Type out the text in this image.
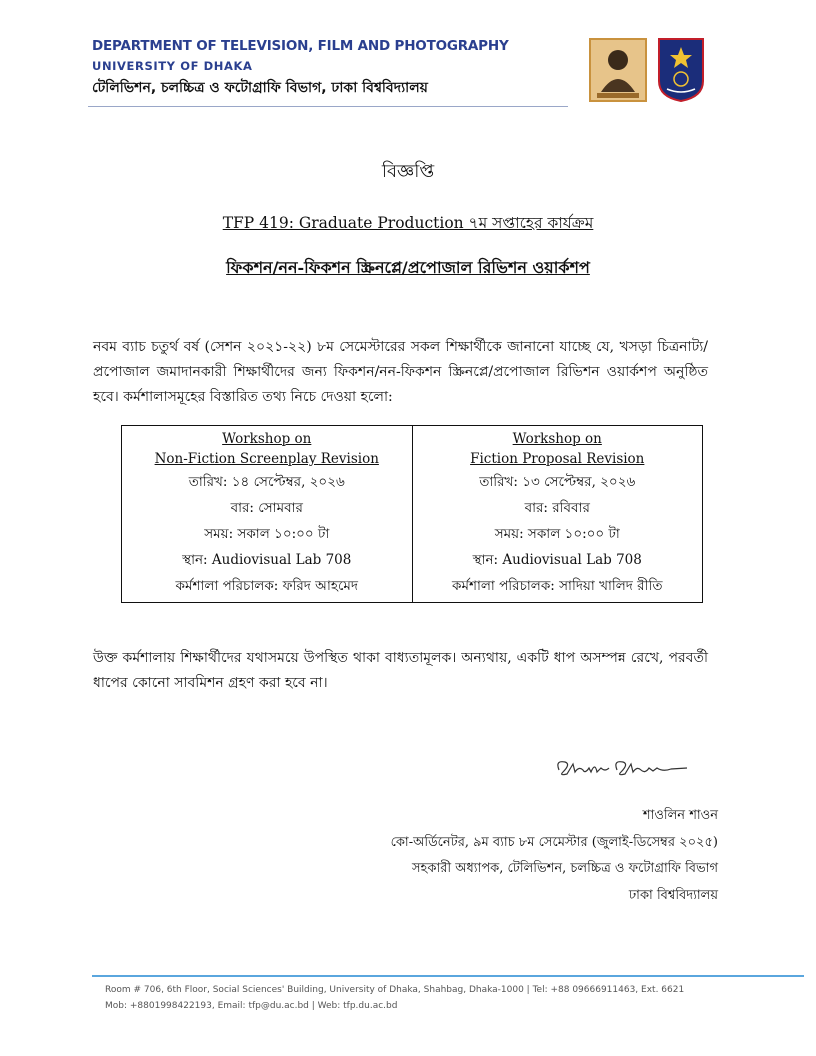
DEPARTMENT OF TELEVISION, FILM AND PHOTOGRAPHY
UNIVERSITY OF DHAKA
টেলিভিশন, চলচ্চিত্র ও ফটোগ্রাফি বিভাগ, ঢাকা বিশ্ববিদ্যালয়
বিজ্ঞপ্তি
TFP 419: Graduate Production ৭ম সপ্তাহের কার্যক্রম
ফিকশন/নন-ফিকশন স্ক্রিনপ্লে/প্রপোজাল রিভিশন ওয়ার্কশপ
নবম ব্যাচ চতুর্থ বর্ষ (সেশন ২০২১-২২) ৮ম সেমেস্টারের সকল শিক্ষার্থীকে জানানো যাচ্ছে যে, খসড়া চিত্রনাট্য/প্রপোজাল জমাদানকারী শিক্ষার্থীদের জন্য ফিকশন/নন-ফিকশন স্ক্রিনপ্লে/প্রপোজাল রিভিশন ওয়ার্কশপ অনুষ্ঠিত হবে। কর্মশালাসমূহের বিস্তারিত তথ্য নিচে দেওয়া হলো:
Workshop on
Non-Fiction Screenplay Revision
তারিখ: ১৪ সেপ্টেম্বর, ২০২৬
বার: সোমবার
সময়: সকাল ১০:০০ টা
স্থান: Audiovisual Lab 708
কর্মশালা পরিচালক: ফরিদ আহমেদ
Workshop on
Fiction Proposal Revision
তারিখ: ১৩ সেপ্টেম্বর, ২০২৬
বার: রবিবার
সময়: সকাল ১০:০০ টা
স্থান: Audiovisual Lab 708
কর্মশালা পরিচালক: সাদিয়া খালিদ রীতি
উক্ত কর্মশালায় শিক্ষার্থীদের যথাসময়ে উপস্থিত থাকা বাধ্যতামূলক। অন্যথায়, একটি ধাপ অসম্পন্ন রেখে, পরবর্তী ধাপের কোনো সাবমিশন গ্রহণ করা হবে না।
শাওলিন শাওন
কো-অর্ডিনেটর, ৯ম ব্যাচ ৮ম সেমেস্টার (জুলাই-ডিসেম্বর ২০২৫)
সহকারী অধ্যাপক, টেলিভিশন, চলচ্চিত্র ও ফটোগ্রাফি বিভাগ
ঢাকা বিশ্ববিদ্যালয়
Room # 706, 6th Floor, Social Sciences' Building, University of Dhaka, Shahbag, Dhaka-1000 | Tel: +88 09666911463, Ext. 6621
Mob: +8801998422193, Email: tfp@du.ac.bd | Web: tfp.du.ac.bd
